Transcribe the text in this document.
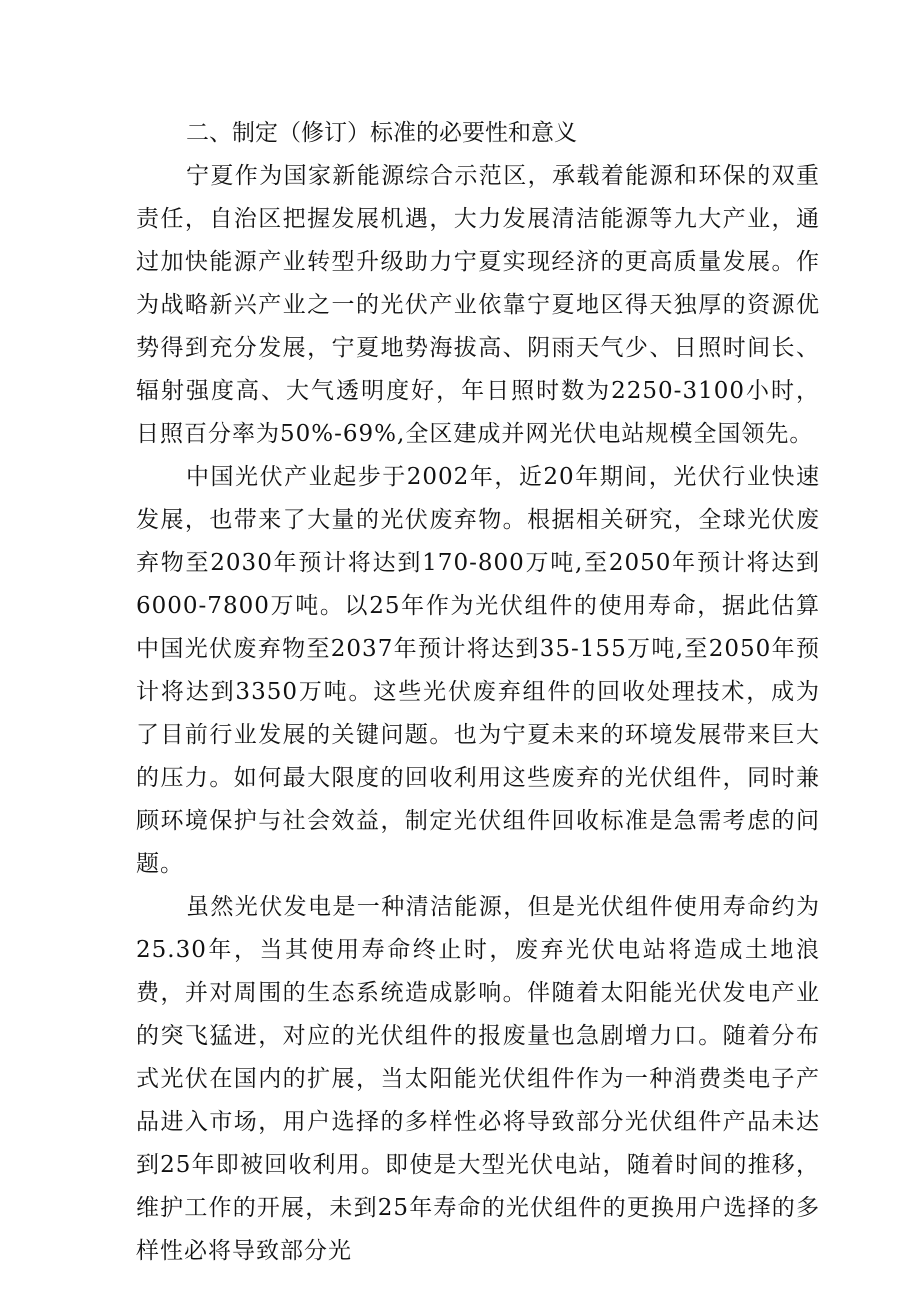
二、制定（修订）标准的必要性和意义

宁夏作为国家新能源综合示范区，承载着能源和环保的双重责任，自治区把握发展机遇，大力发展清洁能源等九大产业，通过加快能源产业转型升级助力宁夏实现经济的更高质量发展。作为战略新兴产业之一的光伏产业依靠宁夏地区得天独厚的资源优势得到充分发展，宁夏地势海拔高、阴雨天气少、日照时间长、辐射强度高、大气透明度好，年日照时数为2250-3100小时，日照百分率为50%-69%,全区建成并网光伏电站规模全国领先。

中国光伏产业起步于2002年，近20年期间，光伏行业快速发展，也带来了大量的光伏废弃物。根据相关研究，全球光伏废弃物至2030年预计将达到170-800万吨,至2050年预计将达到6000-7800万吨。以25年作为光伏组件的使用寿命，据此估算中国光伏废弃物至2037年预计将达到35-155万吨,至2050年预计将达到3350万吨。这些光伏废弃组件的回收处理技术，成为了目前行业发展的关键问题。也为宁夏未来的环境发展带来巨大的压力。如何最大限度的回收利用这些废弃的光伏组件，同时兼顾环境保护与社会效益，制定光伏组件回收标准是急需考虑的问题。

虽然光伏发电是一种清洁能源，但是光伏组件使用寿命约为25.30年，当其使用寿命终止时，废弃光伏电站将造成土地浪费，并对周围的生态系统造成影响。伴随着太阳能光伏发电产业的突飞猛进，对应的光伏组件的报废量也急剧增力口。随着分布式光伏在国内的扩展，当太阳能光伏组件作为一种消费类电子产品进入市场，用户选择的多样性必将导致部分光伏组件产品未达到25年即被回收利用。即使是大型光伏电站，随着时间的推移，维护工作的开展，未到25年寿命的光伏组件的更换用户选择的多样性必将导致部分光
